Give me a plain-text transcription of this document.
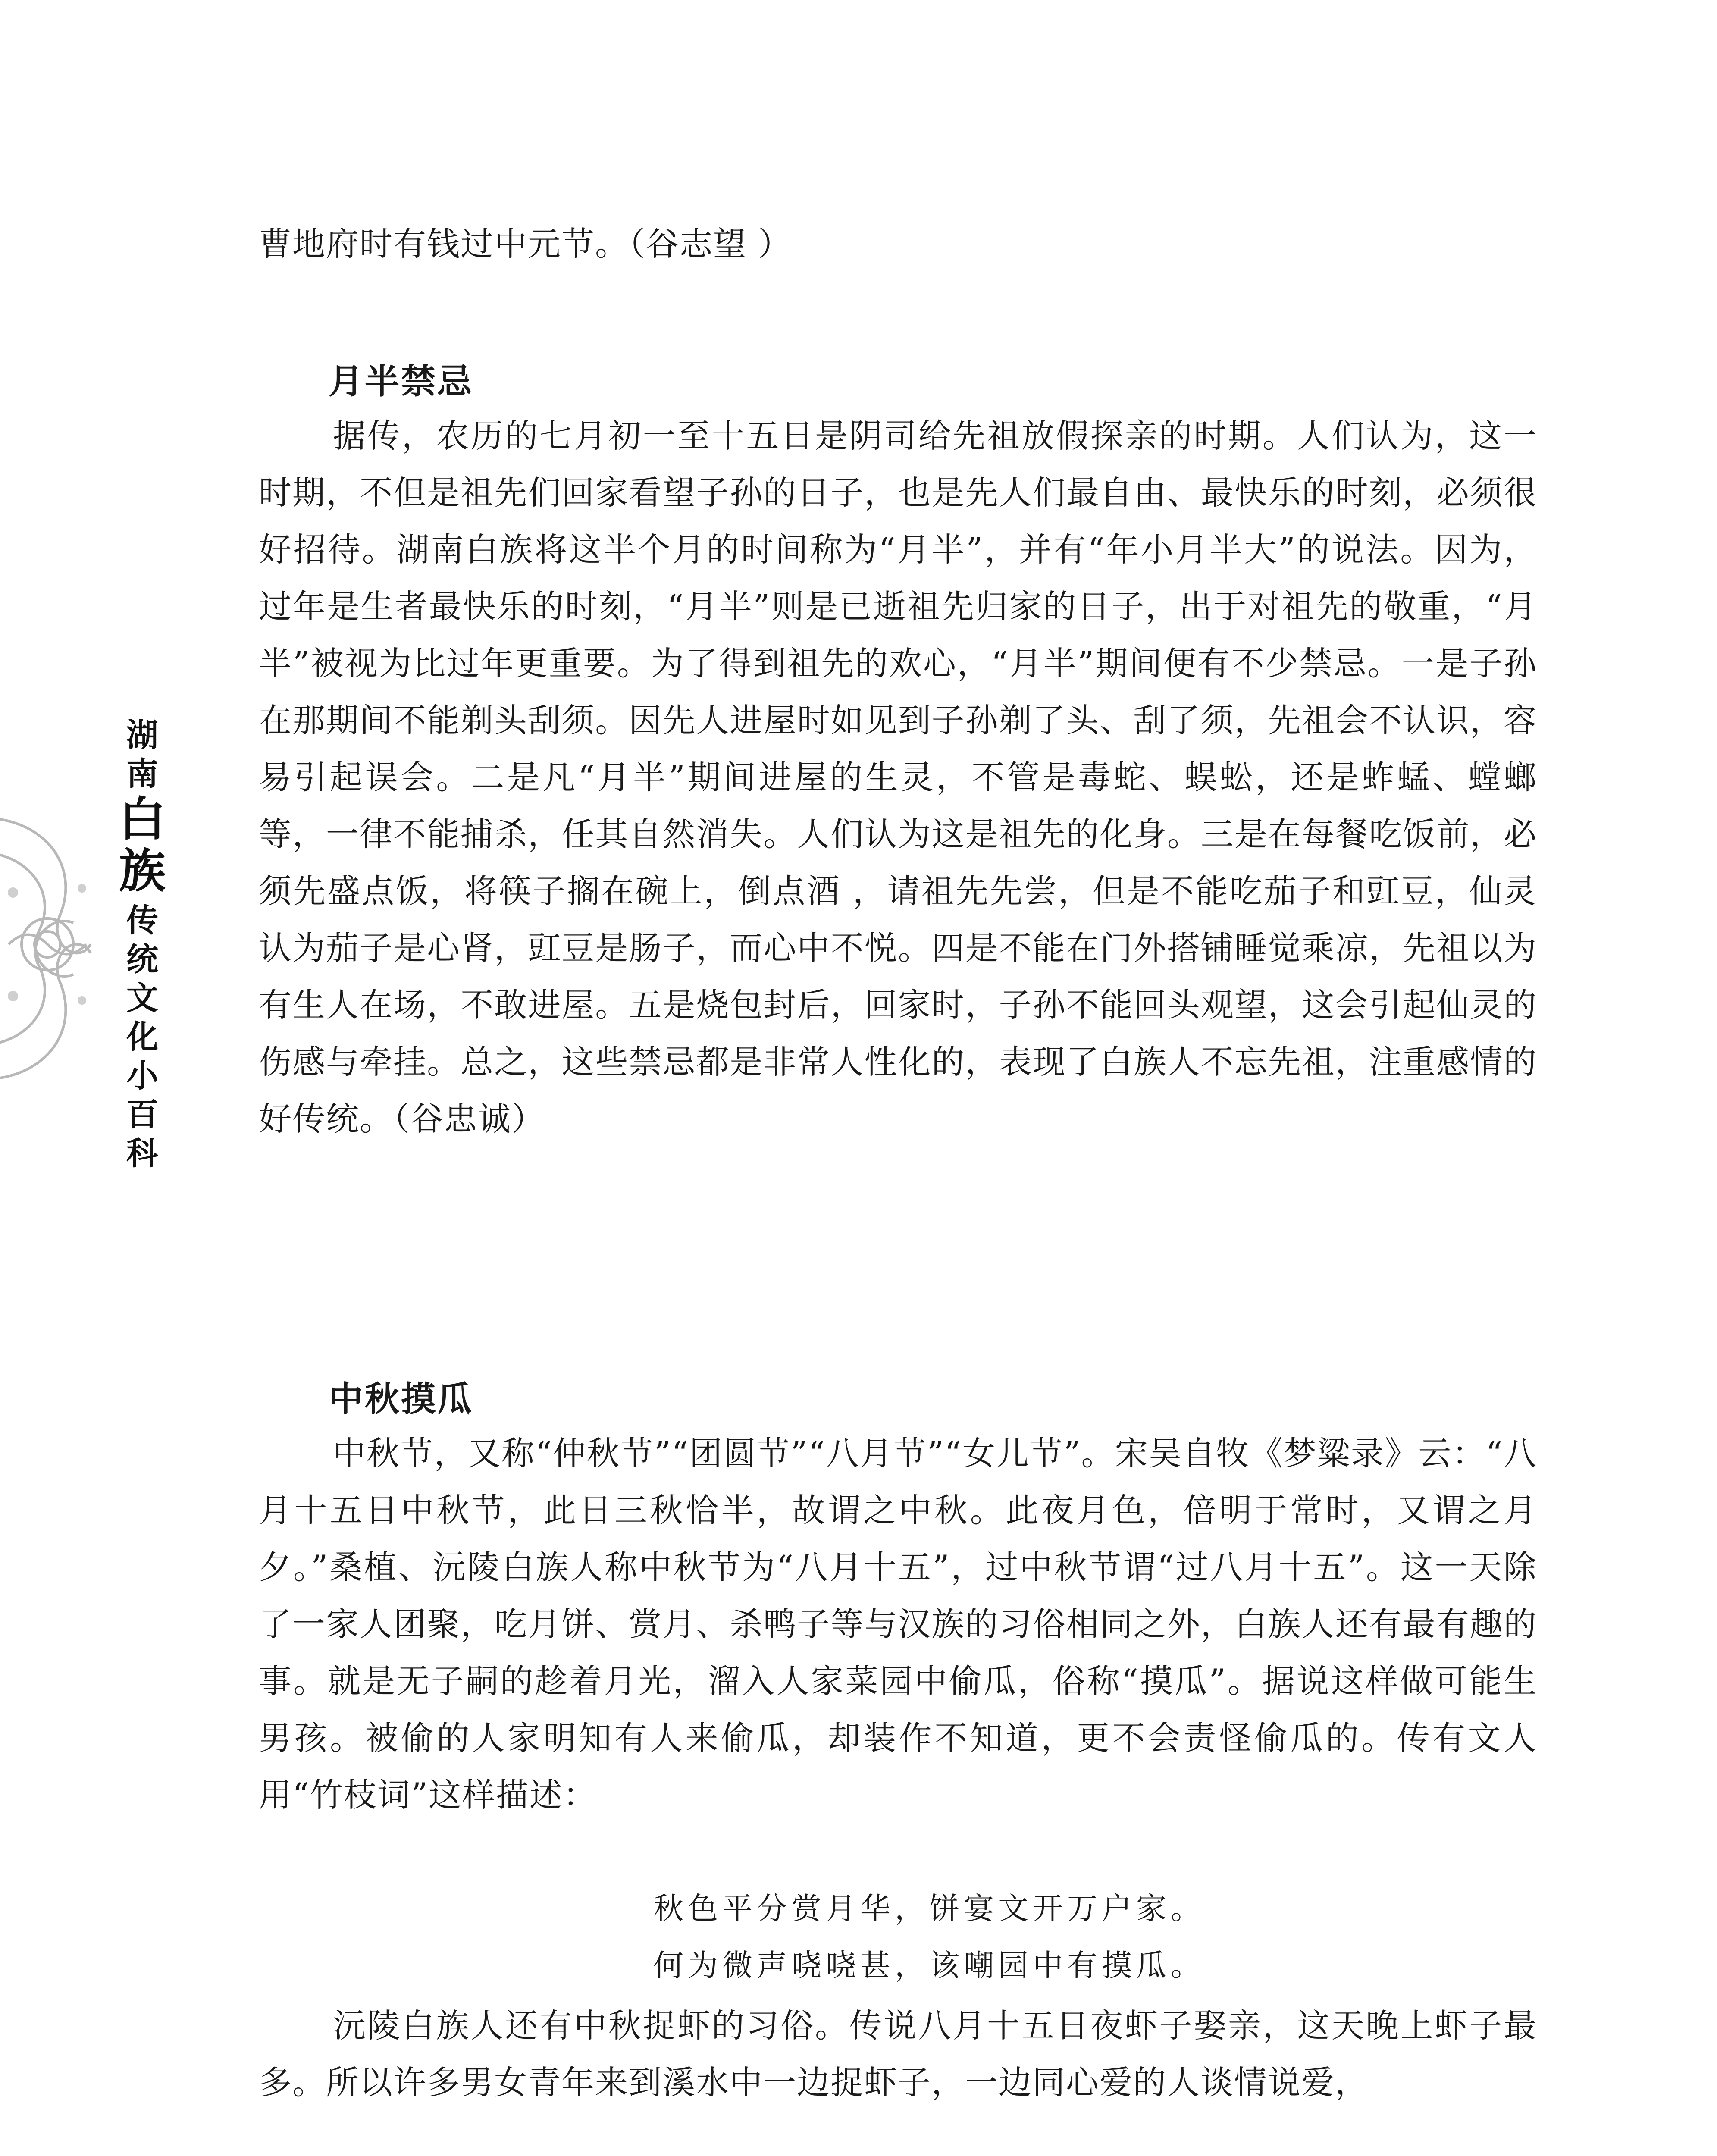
湖
南
白
族
传
统
文
化
小
百
科

曹地府时有钱过中元节。（谷志望 ）

月半禁忌

据传，农历的七月初一至十五日是阴司给先祖放假探亲的时期。人们认为，这一时期，不但是祖先们回家看望子孙的日子，也是先人们最自由、最快乐的时刻，必须很好招待。湖南白族将这半个月的时间称为“月半”，并有“年小月半大”的说法。因为，过年是生者最快乐的时刻，“月半”则是已逝祖先归家的日子，出于对祖先的敬重，“月半”被视为比过年更重要。为了得到祖先的欢心，“月半”期间便有不少禁忌。一是子孙在那期间不能剃头刮须。因先人进屋时如见到子孙剃了头、刮了须，先祖会不认识，容易引起误会。二是凡“月半”期间进屋的生灵，不管是毒蛇、蜈蚣，还是蚱蜢、螳螂等，一律不能捕杀，任其自然消失。人们认为这是祖先的化身。三是在每餐吃饭前，必须先盛点饭，将筷子搁在碗上，倒点酒 ，请祖先先尝，但是不能吃茄子和豇豆，仙灵认为茄子是心肾，豇豆是肠子，而心中不悦。四是不能在门外搭铺睡觉乘凉，先祖以为有生人在场，不敢进屋。五是烧包封后，回家时，子孙不能回头观望，这会引起仙灵的伤感与牵挂。总之，这些禁忌都是非常人性化的，表现了白族人不忘先祖，注重感情的好传统。（谷忠诚）

中秋摸瓜

中秋节，又称“仲秋节”“团圆节”“八月节”“女儿节”。宋吴自牧《梦粱录》云：“八月十五日中秋节，此日三秋恰半，故谓之中秋。此夜月色，倍明于常时，又谓之月夕。”桑植、沅陵白族人称中秋节为“八月十五”，过中秋节谓“过八月十五”。这一天除了一家人团聚，吃月饼、赏月、杀鸭子等与汉族的习俗相同之外，白族人还有最有趣的事。就是无子嗣的趁着月光，溜入人家菜园中偷瓜，俗称“摸瓜”。据说这样做可能生男孩。被偷的人家明知有人来偷瓜，却装作不知道，更不会责怪偷瓜的。传有文人用“竹枝词”这样描述：

秋色平分赏月华，饼宴文开万户家。
何为微声哓哓甚，该嘲园中有摸瓜。

沅陵白族人还有中秋捉虾的习俗。传说八月十五日夜虾子娶亲，这天晚上虾子最多。所以许多男女青年来到溪水中一边捉虾子，一边同心爱的人谈情说爱，
